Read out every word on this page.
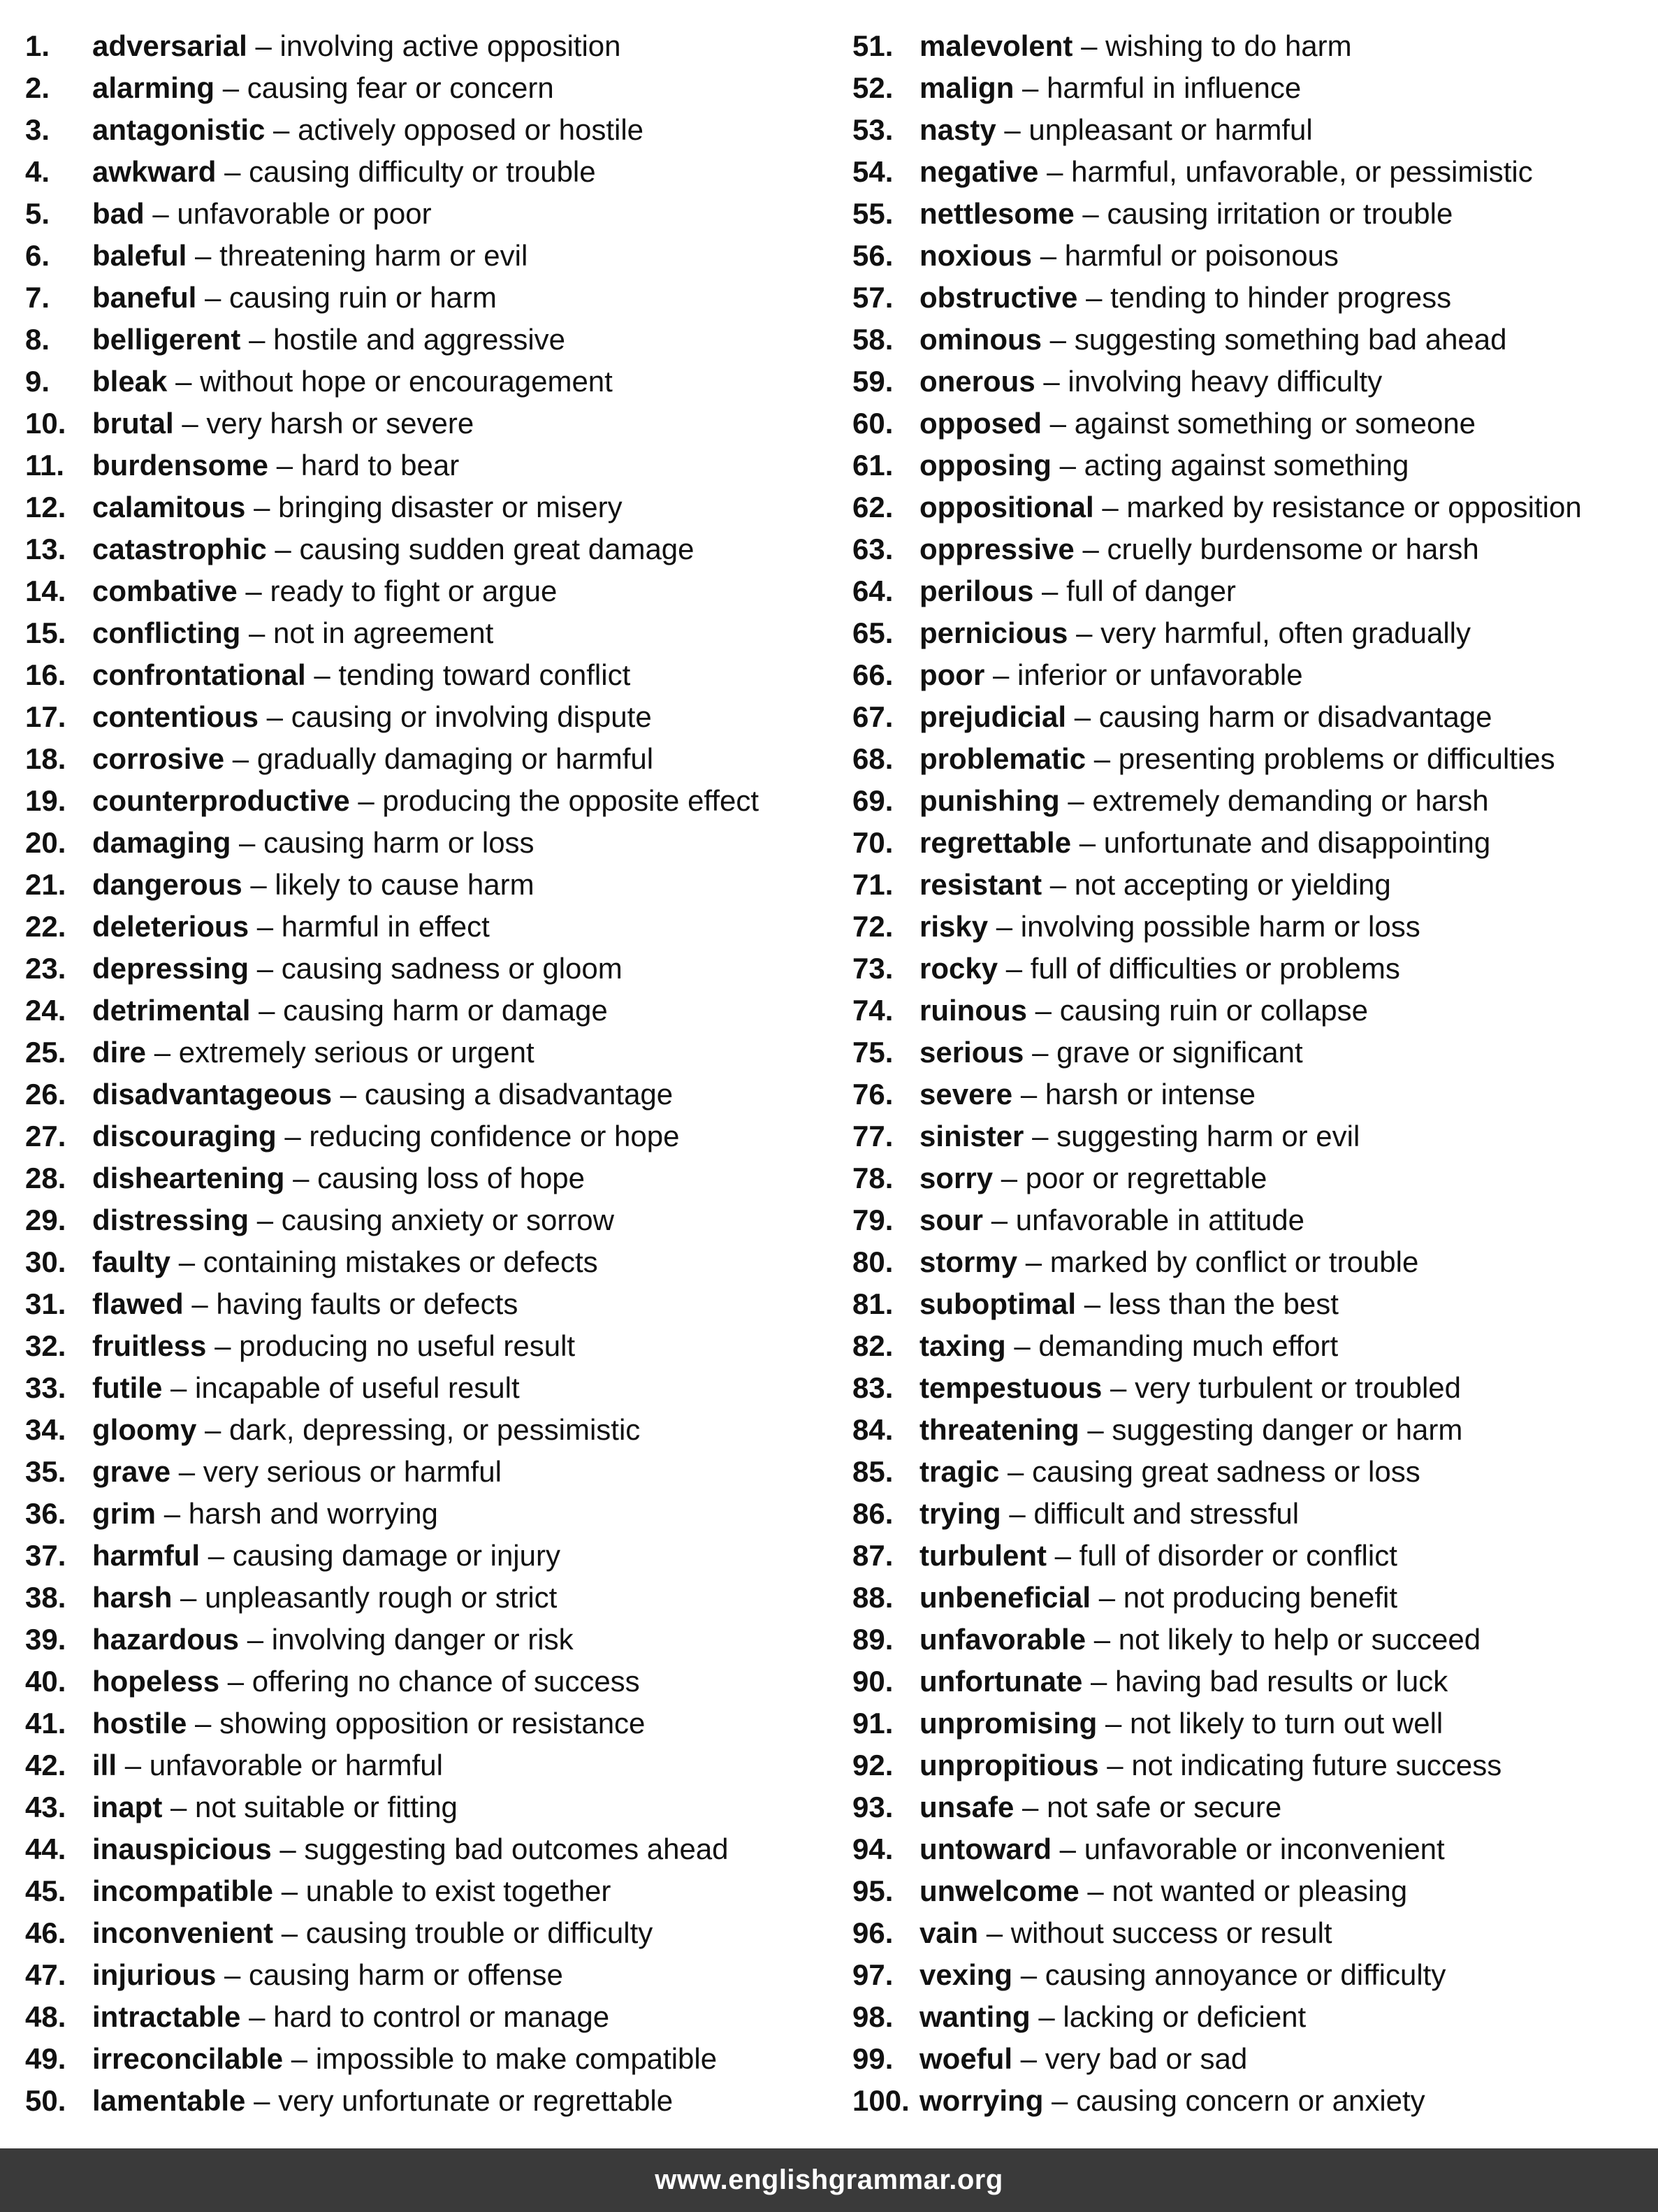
1. adversarial – involving active opposition
2. alarming – causing fear or concern
3. antagonistic – actively opposed or hostile
4. awkward – causing difficulty or trouble
5. bad – unfavorable or poor
6. baleful – threatening harm or evil
7. baneful – causing ruin or harm
8. belligerent – hostile and aggressive
9. bleak – without hope or encouragement
10. brutal – very harsh or severe
11. burdensome – hard to bear
12. calamitous – bringing disaster or misery
13. catastrophic – causing sudden great damage
14. combative – ready to fight or argue
15. conflicting – not in agreement
16. confrontational – tending toward conflict
17. contentious – causing or involving dispute
18. corrosive – gradually damaging or harmful
19. counterproductive – producing the opposite effect
20. damaging – causing harm or loss
21. dangerous – likely to cause harm
22. deleterious – harmful in effect
23. depressing – causing sadness or gloom
24. detrimental – causing harm or damage
25. dire – extremely serious or urgent
26. disadvantageous – causing a disadvantage
27. discouraging – reducing confidence or hope
28. disheartening – causing loss of hope
29. distressing – causing anxiety or sorrow
30. faulty – containing mistakes or defects
31. flawed – having faults or defects
32. fruitless – producing no useful result
33. futile – incapable of useful result
34. gloomy – dark, depressing, or pessimistic
35. grave – very serious or harmful
36. grim – harsh and worrying
37. harmful – causing damage or injury
38. harsh – unpleasantly rough or strict
39. hazardous – involving danger or risk
40. hopeless – offering no chance of success
41. hostile – showing opposition or resistance
42. ill – unfavorable or harmful
43. inapt – not suitable or fitting
44. inauspicious – suggesting bad outcomes ahead
45. incompatible – unable to exist together
46. inconvenient – causing trouble or difficulty
47. injurious – causing harm or offense
48. intractable – hard to control or manage
49. irreconcilable – impossible to make compatible
50. lamentable – very unfortunate or regrettable
51. malevolent – wishing to do harm
52. malign – harmful in influence
53. nasty – unpleasant or harmful
54. negative – harmful, unfavorable, or pessimistic
55. nettlesome – causing irritation or trouble
56. noxious – harmful or poisonous
57. obstructive – tending to hinder progress
58. ominous – suggesting something bad ahead
59. onerous – involving heavy difficulty
60. opposed – against something or someone
61. opposing – acting against something
62. oppositional – marked by resistance or opposition
63. oppressive – cruelly burdensome or harsh
64. perilous – full of danger
65. pernicious – very harmful, often gradually
66. poor – inferior or unfavorable
67. prejudicial – causing harm or disadvantage
68. problematic – presenting problems or difficulties
69. punishing – extremely demanding or harsh
70. regrettable – unfortunate and disappointing
71. resistant – not accepting or yielding
72. risky – involving possible harm or loss
73. rocky – full of difficulties or problems
74. ruinous – causing ruin or collapse
75. serious – grave or significant
76. severe – harsh or intense
77. sinister – suggesting harm or evil
78. sorry – poor or regrettable
79. sour – unfavorable in attitude
80. stormy – marked by conflict or trouble
81. suboptimal – less than the best
82. taxing – demanding much effort
83. tempestuous – very turbulent or troubled
84. threatening – suggesting danger or harm
85. tragic – causing great sadness or loss
86. trying – difficult and stressful
87. turbulent – full of disorder or conflict
88. unbeneficial – not producing benefit
89. unfavorable – not likely to help or succeed
90. unfortunate – having bad results or luck
91. unpromising – not likely to turn out well
92. unpropitious – not indicating future success
93. unsafe – not safe or secure
94. untoward – unfavorable or inconvenient
95. unwelcome – not wanted or pleasing
96. vain – without success or result
97. vexing – causing annoyance or difficulty
98. wanting – lacking or deficient
99. woeful – very bad or sad
100. worrying – causing concern or anxiety
www.englishgrammar.org
